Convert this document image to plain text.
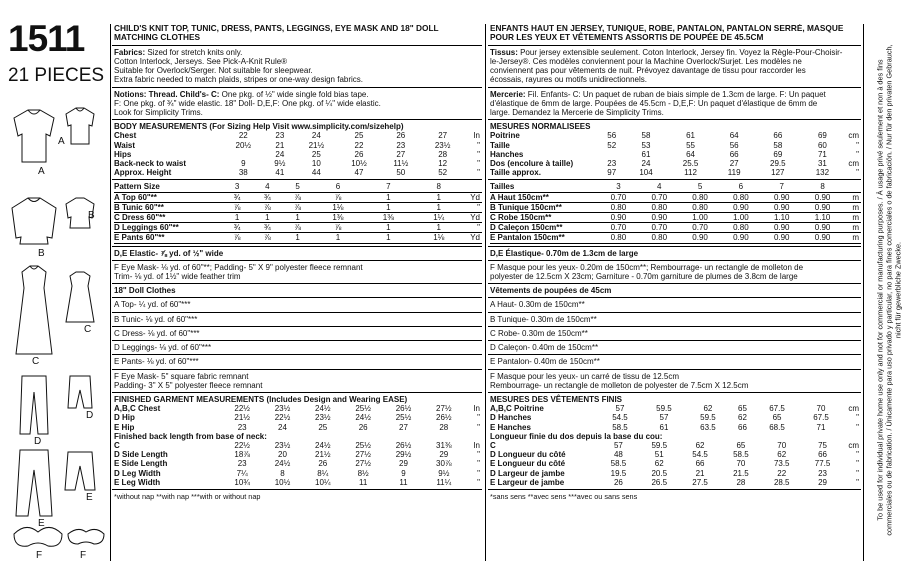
1511
21 PIECES
A
A
B
B
C
C
D
D
E
E
F	F
CHILD'S KNIT TOP, TUNIC, DRESS, PANTS, LEGGINGS, EYE MASK AND 18" DOLL MATCHING CLOTHES
Fabrics: Sized for stretch knits only.
Cotton Interlock, Jerseys. See Pick-A-Knit Rule®
Suitable for Overlock/Serger. Not suitable for sleepwear.
Extra fabric needed to match plaids, stripes or one-way design fabrics.
Notions: Thread. Child's- C: One pkg. of ½" wide single fold bias tape.
F: One pkg. of ¾" wide elastic. 18" Doll- D,E,F: One pkg. of ¼" wide elastic.
Look for Simplicity Trims.
BODY MEASUREMENTS (For Sizing Help Visit www.simplicity.com/sizehelp)
Chest	22	23	24	25	26	27	In
Waist	20½	21	21½	22	23	23½	"
Hips		24	25	26	27	28	"
Back-neck to waist	9	9½	10	10½	11½	12	"
Approx. Height	38	41	44	47	50	52	"
Pattern Size	3	4	5	6	7	8	
A Top 60"**	¾	¾	⅞	⅞	1	1	Yd
B Tunic 60"**	⅞	⅞	⅞	1⅛	1	1	"
C Dress 60"**	1	1	1	1⅜	1⅜	1¼	Yd
D Leggings 60"**	¾	¾	⅞	⅞	1	1	"
E Pants 60"**	⅞	⅞	1	1	1	1⅛	Yd
D,E Elastic- ⅞ yd. of ½" wide
F Eye Mask- ⅛ yd. of 60"**; Padding- 5" X 9" polyester fleece remnant
Trim- ⅛ yd. of 1½" wide feather trim
18" Doll Clothes
A Top- ¼ yd. of 60"***
B Tunic- ⅛ yd. of 60"***
C Dress- ⅛ yd. of 60"***
D Leggings- ⅛ yd. of 60"***
E Pants- ⅛ yd. of 60"***
F Eye Mask- 5" square fabric remnant
Padding- 3" X 5" polyester fleece remnant
FINISHED GARMENT MEASUREMENTS (Includes Design and Wearing EASE)
A,B,C Chest	22½	23½	24½	25½	26½	27½	In
D Hip	21½	22½	23½	24½	25½	26½	"
E Hip	23	24	25	26	27	28	"
Finished back length from base of neck:
C	22½	23½	24½	25½	26½	31⅜	In
D Side Length	18⅞	20	21½	27½	29½	29	"
E Side Length	23	24½	26	27½	29	30⅞	"
D Leg Width	7¼	8	8¼	8½	9	9½	"
E Leg Width	10¾	10½	10¼	11	11	11¼	"
*without nap **with nap ***with or without nap
ENFANTS HAUT EN JERSEY, TUNIQUE, ROBE, PANTALON, PANTALON SERRÉ, MASQUE POUR LES YEUX ET VÊTEMENTS ASSORTIS DE POUPÉE DE 45.5CM
Tissus: Pour jersey extensible seulement. Coton Interlock, Jersey fin. Voyez la Règle-Pour-Choisir-
le-Jersey®. Ces modèles conviennent pour la Machine Overlock/Surjet. Les modèles ne
conviennent pas pour vêtements de nuit. Prévoyez davantage de tissu pour raccorder les
écossais, rayures ou motifs unidirectionnels.
Mercerie: Fil. Enfants- C: Un paquet de ruban de biais simple de 1.3cm de large. F: Un paquet
d'élastique de 6mm de large. Poupées de 45.5cm - D,E,F: Un paquet d'élastique de 6mm de
large. Demandez la Mercerie de Simplicity Trims.
MESURES NORMALISEES
Poitrine	56	58	61	64	66	69	cm
Taille	52	53	55	56	58	60	"
Hanches		61	64	66	69	71	"
Dos (encolure à taille)	23	24	25.5	27	29.5	31	cm
Taille approx.	97	104	112	119	127	132	"
Tailles	3	4	5	6	7	8	
A Haut 150cm**	0.70	0.70	0.80	0.80	0.90	0.90	m
B Tunique 150cm**	0.80	0.80	0.80	0.90	0.90	0.90	m
C Robe 150cm**	0.90	0.90	1.00	1.00	1.10	1.10	m
D Caleçon 150cm**	0.70	0.70	0.70	0.80	0.90	0.90	m
E Pantalon 150cm**	0.80	0.80	0.90	0.90	0.90	0.90	m
D,E Élastique- 0.70m de 1.3cm de large
F Masque pour les yeux- 0.20m de 150cm**; Rembourrage- un rectangle de molleton de
polyester de 12.5cm X 23cm; Garniture - 0.70m garniture de plumes de 3.8cm de large
Vêtements de poupées de 45cm
A Haut- 0.30m de 150cm**
B Tunique- 0.30m de 150cm**
C Robe- 0.30m de 150cm**
D Caleçon- 0.40m de 150cm**
E Pantalon- 0.40m de 150cm**
F Masque pour les yeux- un carré de tissu de 12.5cm
Rembourrage- un rectangle de molleton de polyester de 7.5cm X 12.5cm
MESURES DES VÊTEMENTS FINIS
A,B,C Poitrine	57	59.5	62	65	67.5	70	cm
D Hanches	54.5	57	59.5	62	65	67.5	"
E Hanches	58.5	61	63.5	66	68.5	71	"
Longueur finie du dos depuis la base du cou:
C	57	59.5	62	65	70	75	cm
D Longueur du côté	48	51	54.5	58.5	62	66	"
E Longueur du côté	58.5	62	66	70	73.5	77.5	"
D Largeur de jambe	19.5	20.5	21	21.5	22	23	"
E Largeur de jambe	26	26.5	27.5	28	28.5	29	"
*sans sens **avec sens ***avec ou sans sens	To be used for individual private home use only and not for commercial or manufacturing purposes. / À usage privé seulement et non à des fins commerciales ou de fabrication. / Únicamente para uso privado y particular, no para fines comerciales o de fabricación. / Nur für den privaten Gebrauch, nicht für gewerbliche Zwecke.
